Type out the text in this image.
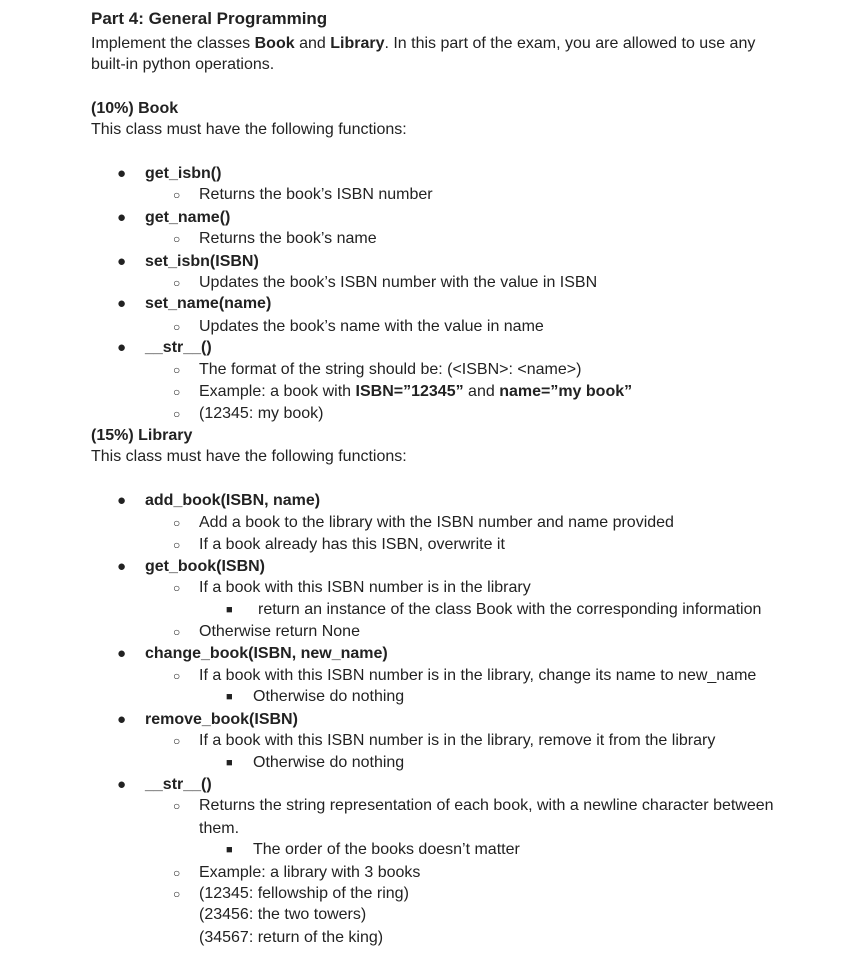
Part 4: General Programming
Implement the classes Book and Library. In this part of the exam, you are allowed to use any
built-in python operations.
(10%) Book
This class must have the following functions:
● get_isbn()
○ Returns the book’s ISBN number
● get_name()
○ Returns the book’s name
● set_isbn(ISBN)
○ Updates the book’s ISBN number with the value in ISBN
● set_name(name)
○ Updates the book’s name with the value in name
● __str__()
○ The format of the string should be: (<ISBN>: <name>)
○ Example: a book with ISBN=”12345” and name=”my book”
○ (12345: my book)
(15%) Library
This class must have the following functions:
● add_book(ISBN, name)
○ Add a book to the library with the ISBN number and name provided
○ If a book already has this ISBN, overwrite it
● get_book(ISBN)
○ If a book with this ISBN number is in the library
■ return an instance of the class Book with the corresponding information
○ Otherwise return None
● change_book(ISBN, new_name)
○ If a book with this ISBN number is in the library, change its name to new_name
■ Otherwise do nothing
● remove_book(ISBN)
○ If a book with this ISBN number is in the library, remove it from the library
■ Otherwise do nothing
● __str__()
○ Returns the string representation of each book, with a newline character between
them.
■ The order of the books doesn’t matter
○ Example: a library with 3 books
○ (12345: fellowship of the ring)
(23456: the two towers)
(34567: return of the king)
